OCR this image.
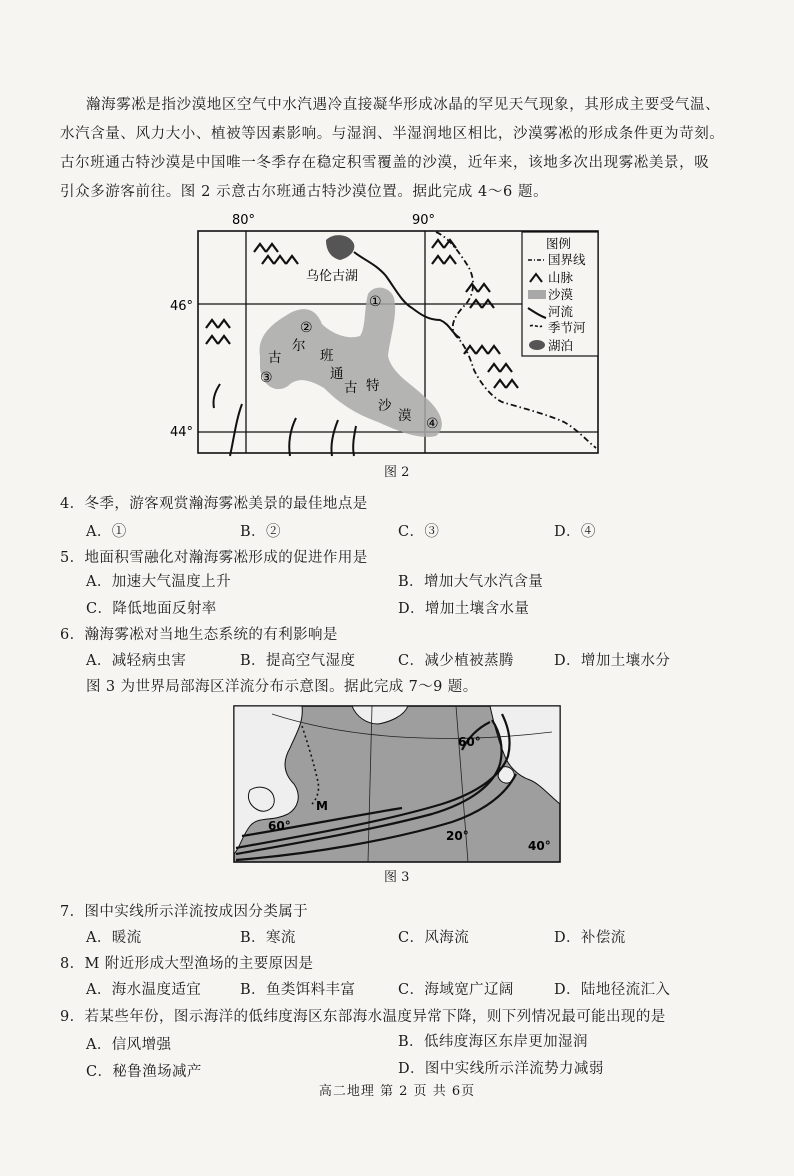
瀚海雾凇是指沙漠地区空气中水汽遇冷直接凝华形成冰晶的罕见天气现象，其形成主要受气温、
水汽含量、风力大小、植被等因素影响。与湿润、半湿润地区相比，沙漠雾凇的形成条件更为苛刻。
古尔班通古特沙漠是中国唯一冬季存在稳定积雪覆盖的沙漠，近年来，该地多次出现雾凇美景，吸
引众多游客前往。图 2 示意古尔班通古特沙漠位置。据此完成 4～6 题。
80°	90°
46°
44°
乌伦古湖
古
尔
班
通
古 特
沙
漠
①
②
③
④
图例
国界线
山脉
沙漠
河流
季节河
湖泊
图 2
4．冬季，游客观赏瀚海雾凇美景的最佳地点是
A．①	B．②	C．③	D．④
5．地面积雪融化对瀚海雾凇形成的促进作用是
A．加速大气温度上升	B．增加大气水汽含量
C．降低地面反射率	D．增加土壤含水量
6．瀚海雾凇对当地生态系统的有利影响是
A．减轻病虫害	B．提高空气湿度	C．减少植被蒸腾	D．增加土壤水分
图 3 为世界局部海区洋流分布示意图。据此完成 7～9 题。
60°
M
60°
20°
40°
图 3
7．图中实线所示洋流按成因分类属于
A．暖流	B．寒流	C．风海流	D．补偿流
8．M 附近形成大型渔场的主要原因是
A．海水温度适宜	B．鱼类饵料丰富	C．海域宽广辽阔	D．陆地径流汇入
9．若某些年份，图示海洋的低纬度海区东部海水温度异常下降，则下列情况最可能出现的是
A．信风增强	B．低纬度海区东岸更加湿润
C．秘鲁渔场减产	D．图中实线所示洋流势力减弱
高二地理 第 2 页 共 6页
